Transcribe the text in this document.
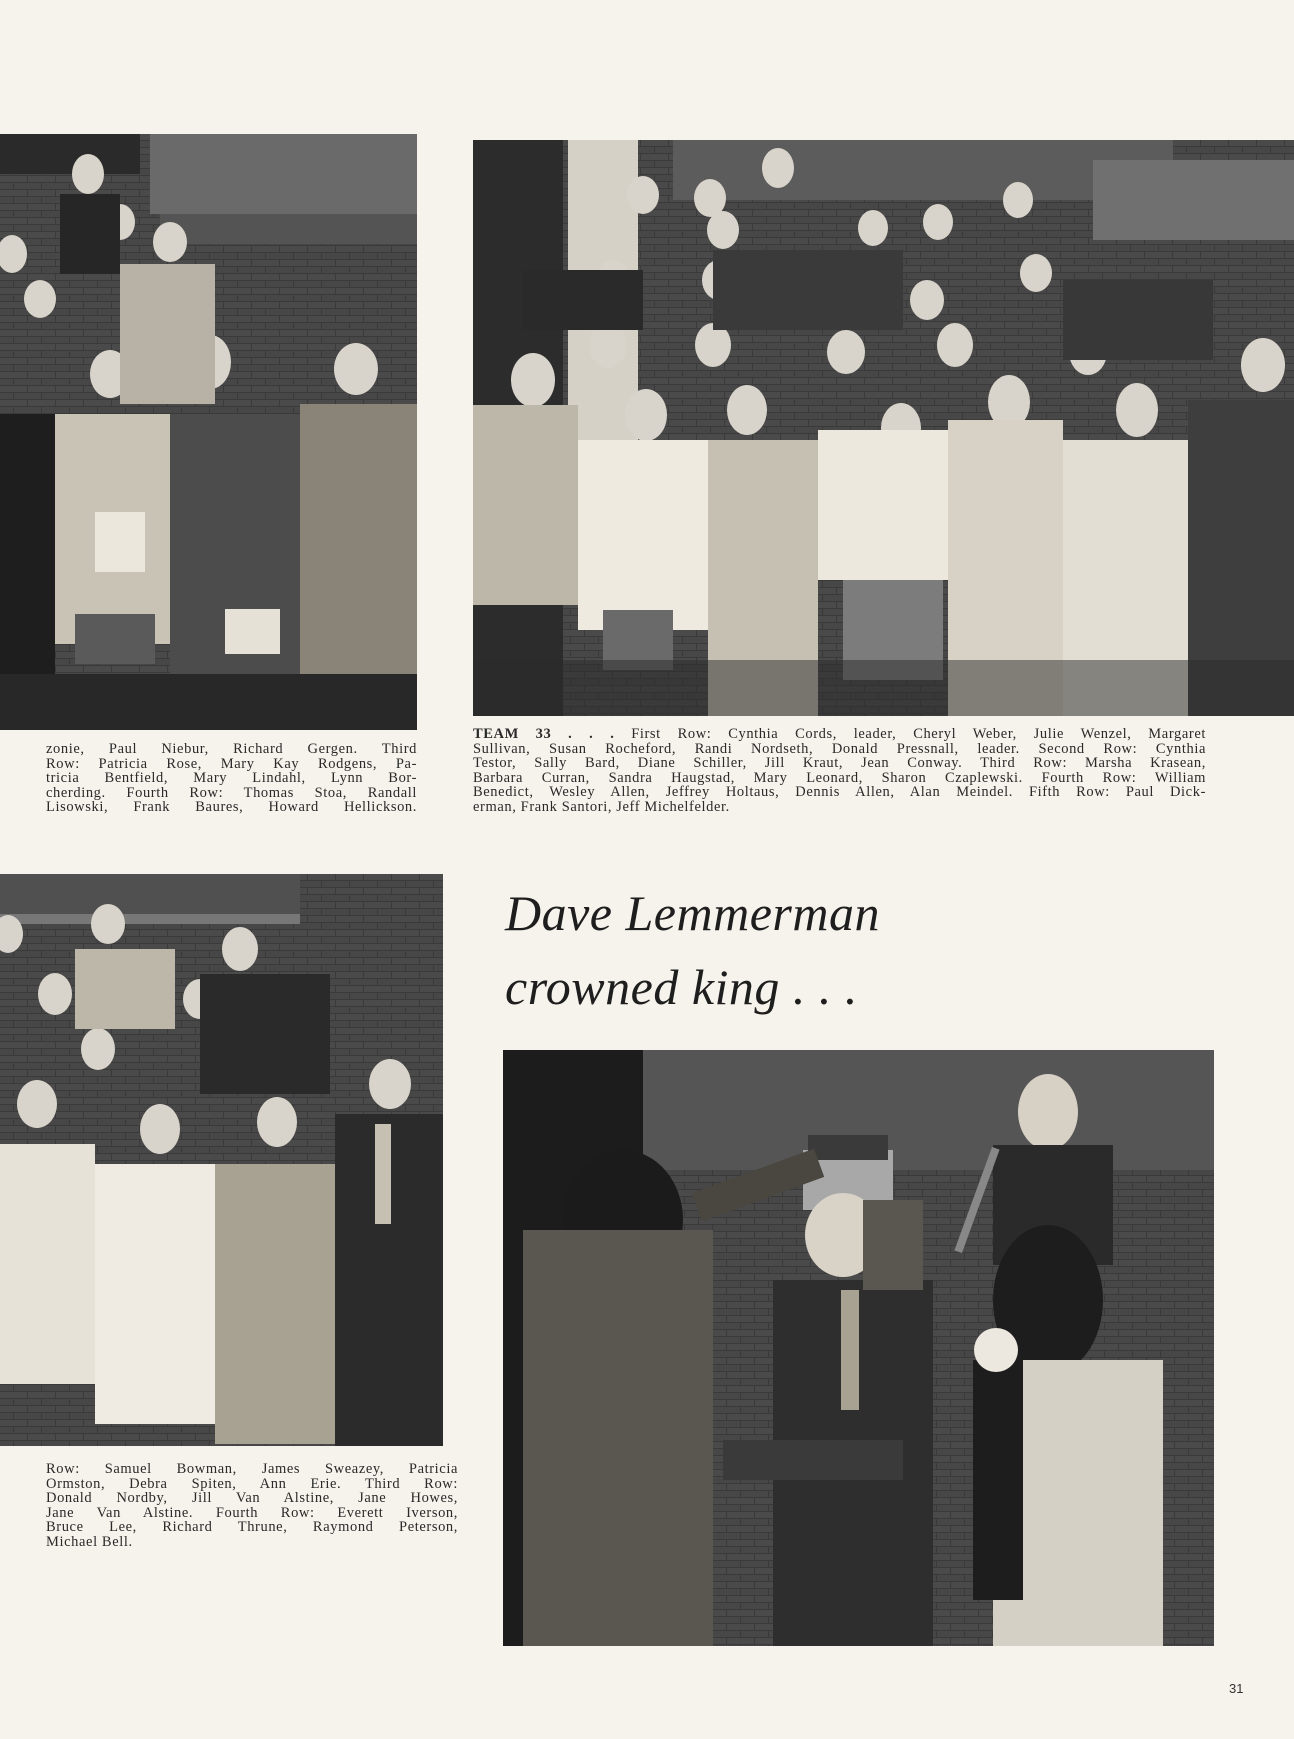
zonie, Paul Niebur, Richard Gergen. Third
Row: Patricia Rose, Mary Kay Rodgens, Pa-
tricia Bentfield, Mary Lindahl, Lynn Bor-
cherding. Fourth Row: Thomas Stoa, Randall
Lisowski, Frank Baures, Howard Hellickson.
TEAM 33 . . . First Row: Cynthia Cords, leader, Cheryl Weber, Julie Wenzel, Margaret
Sullivan, Susan Rocheford, Randi Nordseth, Donald Pressnall, leader. Second Row: Cynthia
Testor, Sally Bard, Diane Schiller, Jill Kraut, Jean Conway. Third Row: Marsha Krasean,
Barbara Curran, Sandra Haugstad, Mary Leonard, Sharon Czaplewski. Fourth Row: William
Benedict, Wesley Allen, Jeffrey Holtaus, Dennis Allen, Alan Meindel. Fifth Row: Paul Dick-
erman, Frank Santori, Jeff Michelfelder.
Row: Samuel Bowman, James Sweazey, Patricia
Ormston, Debra Spiten, Ann Erie. Third Row:
Donald Nordby, Jill Van Alstine, Jane Howes,
Jane Van Alstine. Fourth Row: Everett Iverson,
Bruce Lee, Richard Thrune, Raymond Peterson,
Michael Bell.
Dave Lemmerman
crowned king . . .
31
